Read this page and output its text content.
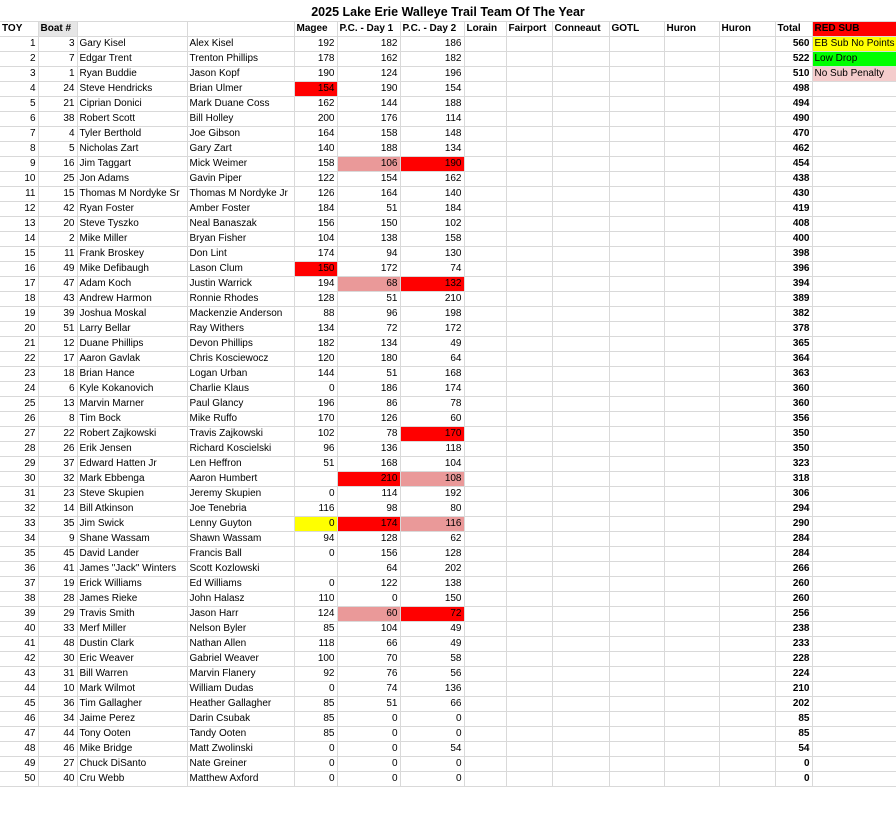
2025 Lake Erie Walleye Trail Team Of The Year
TOY	Boat #			Magee	P.C. - Day 1	P.C. - Day 2	Lorain	Fairport	Conneaut	GOTL	Huron	Huron	Total	RED SUB
1	3	Gary Kisel	Alex Kisel	192	182	186							560	EB Sub No Points
2	7	Edgar Trent	Trenton Phillips	178	162	182							522	Low Drop
3	1	Ryan Buddie	Jason Kopf	190	124	196							510	No Sub Penalty
4	24	Steve Hendricks	Brian Ulmer	154	190	154							498	
5	21	Ciprian Donici	Mark Duane Coss	162	144	188							494	
6	38	Robert Scott	Bill Holley	200	176	114							490	
7	4	Tyler Berthold	Joe Gibson	164	158	148							470	
8	5	Nicholas Zart	Gary Zart	140	188	134							462	
9	16	Jim Taggart	Mick Weimer	158	106	190							454	
10	25	Jon Adams	Gavin Piper	122	154	162							438	
11	15	Thomas M Nordyke Sr	Thomas M Nordyke Jr	126	164	140							430	
12	42	Ryan Foster	Amber Foster	184	51	184							419	
13	20	Steve Tyszko	Neal Banaszak	156	150	102							408	
14	2	Mike Miller	Bryan Fisher	104	138	158							400	
15	11	Frank Broskey	Don Lint	174	94	130							398	
16	49	Mike Defibaugh	Lason Clum	150	172	74							396	
17	47	Adam Koch	Justin Warrick	194	68	132							394	
18	43	Andrew Harmon	Ronnie Rhodes	128	51	210							389	
19	39	Joshua Moskal	Mackenzie Anderson	88	96	198							382	
20	51	Larry Bellar	Ray Withers	134	72	172							378	
21	12	Duane Phillips	Devon Phillips	182	134	49							365	
22	17	Aaron Gavlak	Chris Kosciewocz	120	180	64							364	
23	18	Brian Hance	Logan Urban	144	51	168							363	
24	6	Kyle Kokanovich	Charlie Klaus	0	186	174							360	
25	13	Marvin Marner	Paul Glancy	196	86	78							360	
26	8	Tim Bock	Mike Ruffo	170	126	60							356	
27	22	Robert Zajkowski	Travis Zajkowski	102	78	170							350	
28	26	Erik Jensen	Richard Koscielski	96	136	118							350	
29	37	Edward Hatten Jr	Len Heffron	51	168	104							323	
30	32	Mark Ebbenga	Aaron Humbert		210	108							318	
31	23	Steve Skupien	Jeremy Skupien	0	114	192							306	
32	14	Bill Atkinson	Joe Tenebria	116	98	80							294	
33	35	Jim Swick	Lenny Guyton	0	174	116							290	
34	9	Shane Wassam	Shawn Wassam	94	128	62							284	
35	45	David Lander	Francis Ball	0	156	128							284	
36	41	James "Jack" Winters	Scott Kozlowski		64	202							266	
37	19	Erick Williams	Ed Williams	0	122	138							260	
38	28	James Rieke	John Halasz	110	0	150							260	
39	29	Travis Smith	Jason Harr	124	60	72							256	
40	33	Merf Miller	Nelson Byler	85	104	49							238	
41	48	Dustin Clark	Nathan Allen	118	66	49							233	
42	30	Eric Weaver	Gabriel Weaver	100	70	58							228	
43	31	Bill Warren	Marvin Flanery	92	76	56							224	
44	10	Mark Wilmot	William Dudas	0	74	136							210	
45	36	Tim Gallagher	Heather Gallagher	85	51	66							202	
46	34	Jaime Perez	Darin Csubak	85	0	0							85	
47	44	Tony Ooten	Tandy Ooten	85	0	0							85	
48	46	Mike Bridge	Matt Zwolinski	0	0	54							54	
49	27	Chuck DiSanto	Nate Greiner	0	0	0							0	
50	40	Cru Webb	Matthew Axford	0	0	0							0	
